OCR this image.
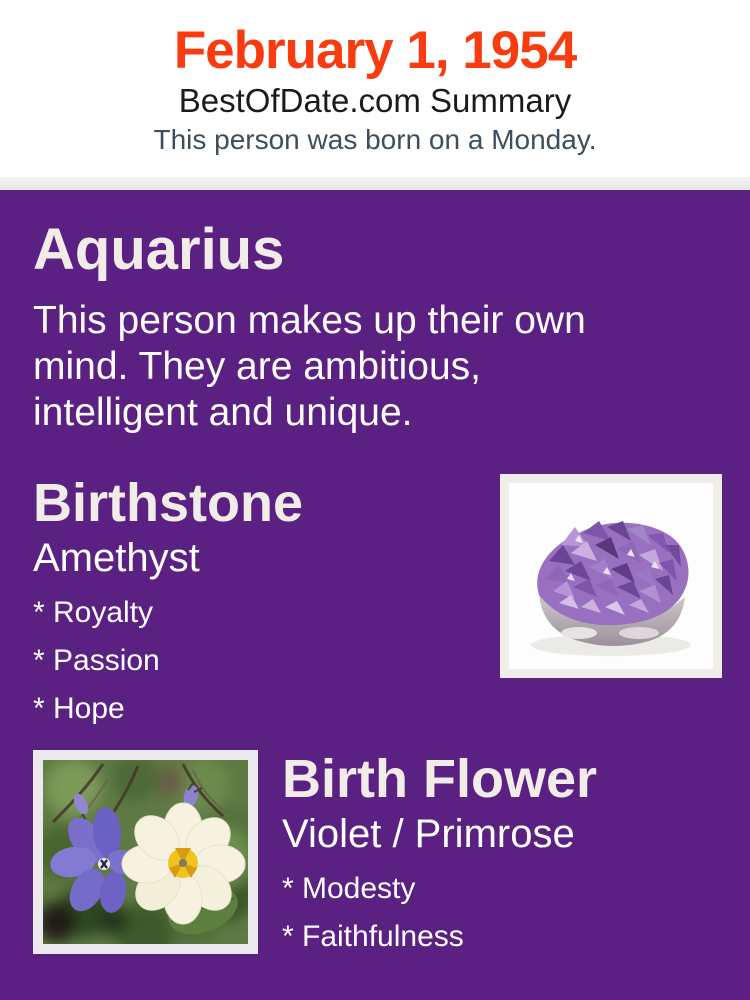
February 1, 1954
BestOfDate.com Summary
This person was born on a Monday.
Aquarius
This person makes up their own
mind. They are ambitious,
intelligent and unique.
Birthstone
Amethyst
* Royalty
* Passion
* Hope
Birth Flower
Violet / Primrose
* Modesty
* Faithfulness
